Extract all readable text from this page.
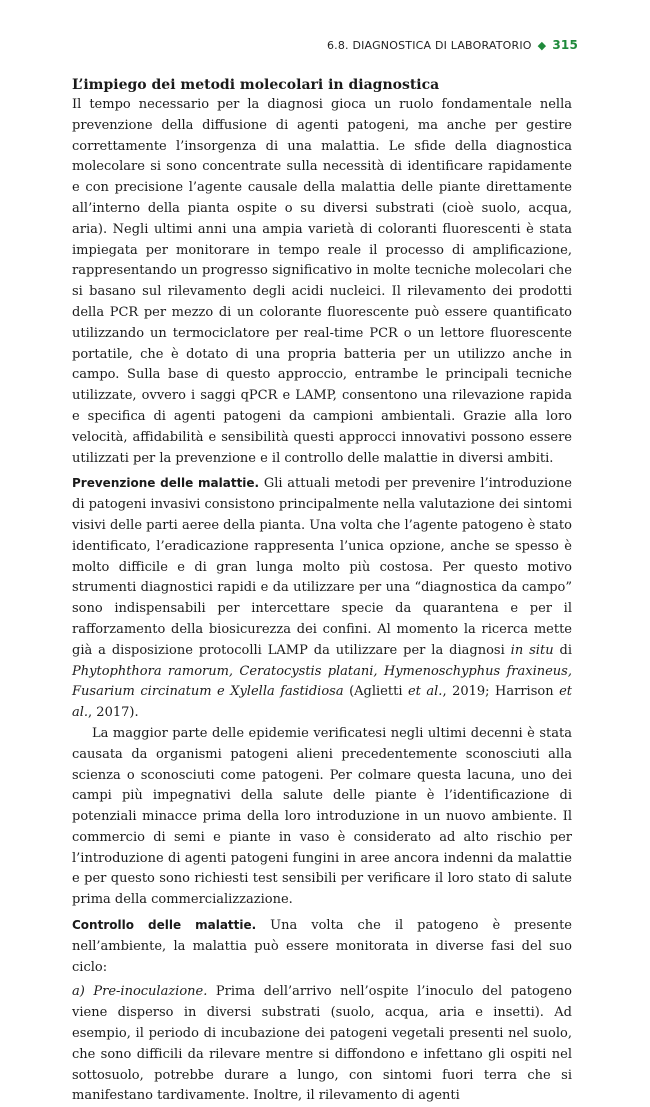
6.8. DIAGNOSTICA DI LABORATORIO ◆ 315
L’impiego dei metodi molecolari in diagnostica

Il tempo necessario per la diagnosi gioca un ruolo fondamentale nella prevenzione della diffusione di agenti patogeni, ma anche per gestire correttamente l’insorgenza di una malattia. Le sfide della diagnostica molecolare si sono concentrate sulla necessità di identificare rapidamente e con precisione l’agente causale della malattia delle piante direttamente all’interno della pianta ospite o su diversi substrati (cioè suolo, acqua, aria). Negli ultimi anni una ampia varietà di coloranti fluorescenti è stata impiegata per monitorare in tempo reale il processo di amplificazione, rappresentando un progresso significativo in molte tecniche molecolari che si basano sul rilevamento degli acidi nucleici. Il rilevamento dei prodotti della PCR per mezzo di un colorante fluorescente può essere quantificato utilizzando un termociclatore per real-time PCR o un lettore fluorescente portatile, che è dotato di una propria batteria per un utilizzo anche in campo. Sulla base di questo approccio, entrambe le principali tecniche utilizzate, ovvero i saggi qPCR e LAMP, consentono una rilevazione rapida e specifica di agenti patogeni da campioni ambientali. Grazie alla loro velocità, affidabilità e sensibilità questi approcci innovativi possono essere utilizzati per la prevenzione e il controllo delle malattie in diversi ambiti.

Prevenzione delle malattie. Gli attuali metodi per prevenire l’introduzione di patogeni invasivi consistono principalmente nella valutazione dei sintomi visivi delle parti aeree della pianta. Una volta che l’agente patogeno è stato identificato, l’eradicazione rappresenta l’unica opzione, anche se spesso è molto difficile e di gran lunga molto più costosa. Per questo motivo strumenti diagnostici rapidi e da utilizzare per una “diagnostica da campo” sono indispensabili per intercettare specie da quarantena e per il rafforzamento della biosicurezza dei confini. Al momento la ricerca mette già a disposizione protocolli LAMP da utilizzare per la diagnosi in situ di Phytophthora ramorum, Ceratocystis platani, Hymenoschyphus fraxineus, Fusarium circinatum e Xylella fastidiosa (Aglietti et al., 2019; Harrison et al., 2017).

La maggior parte delle epidemie verificatesi negli ultimi decenni è stata causata da organismi patogeni alieni precedentemente sconosciuti alla scienza o sconosciuti come patogeni. Per colmare questa lacuna, uno dei campi più impegnativi della salute delle piante è l’identificazione di potenziali minacce prima della loro introduzione in un nuovo ambiente. Il commercio di semi e piante in vaso è considerato ad alto rischio per l’introduzione di agenti patogeni fungini in aree ancora indenni da malattie e per questo sono richiesti test sensibili per verificare il loro stato di salute prima della commercializzazione.

Controllo delle malattie. Una volta che il patogeno è presente nell’ambiente, la malattia può essere monitorata in diverse fasi del suo ciclo:

a) Pre-inoculazione. Prima dell’arrivo nell’ospite l’inoculo del patogeno viene disperso in diversi substrati (suolo, acqua, aria e insetti). Ad esempio, il periodo di incubazione dei patogeni vegetali presenti nel suolo, che sono difficili da rilevare mentre si diffondono e infettano gli ospiti nel sottosuolo, potrebbe durare a lungo, con sintomi fuori terra che si manifestano tardivamente. Inoltre, il rilevamento di agenti
